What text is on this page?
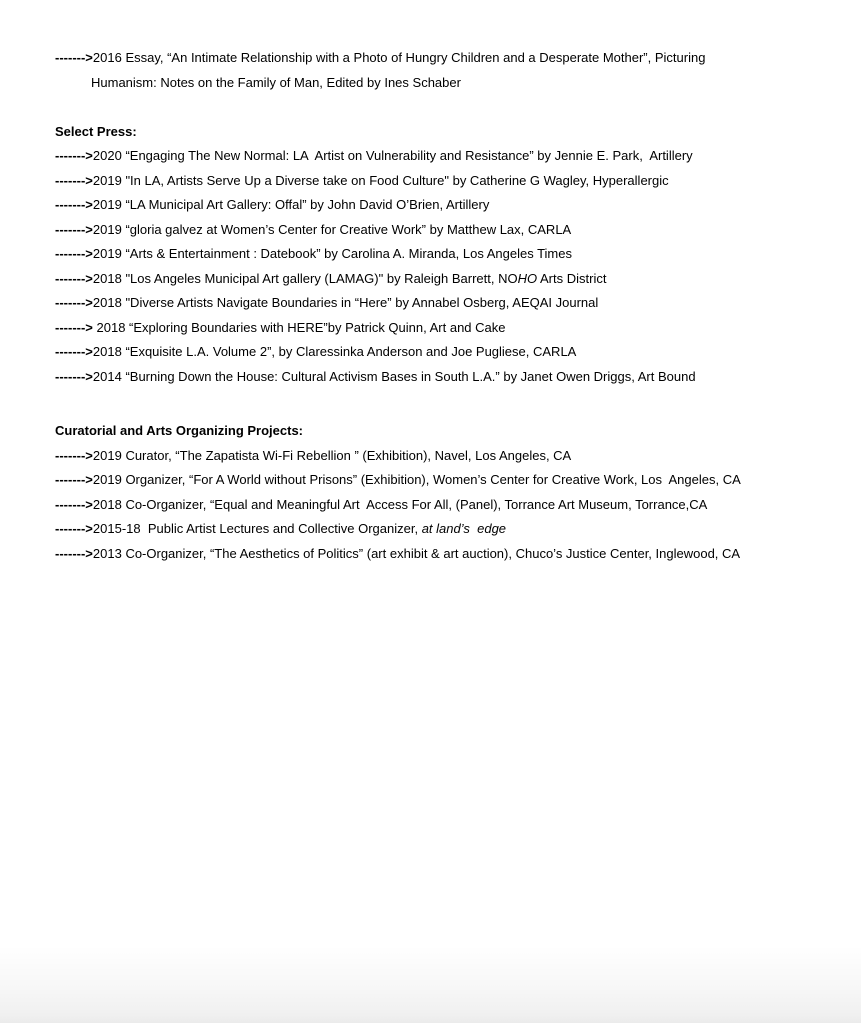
------->2016 Essay, “An Intimate Relationship with a Photo of Hungry Children and a Desperate Mother”, Picturing
Humanism: Notes on the Family of Man, Edited by Ines Schaber
Select Press:
------->2020 “Engaging The New Normal: LA  Artist on Vulnerability and Resistance” by Jennie E. Park,  Artillery
------->2019 "In LA, Artists Serve Up a Diverse take on Food Culture" by Catherine G Wagley, Hyperallergic
------->2019 “LA Municipal Art Gallery: Offal” by John David O’Brien, Artillery
------->2019 “gloria galvez at Women’s Center for Creative Work” by Matthew Lax, CARLA
------->2019 “Arts & Entertainment : Datebook” by Carolina A. Miranda, Los Angeles Times
------->2018 "Los Angeles Municipal Art gallery (LAMAG)" by Raleigh Barrett, NOHO Arts District
------->2018 "Diverse Artists Navigate Boundaries in “Here” by Annabel Osberg, AEQAI Journal
-------> 2018 “Exploring Boundaries with HERE”by Patrick Quinn, Art and Cake
------->2018 “Exquisite L.A. Volume 2”, by Claressinka Anderson and Joe Pugliese, CARLA
------->2014 “Burning Down the House: Cultural Activism Bases in South L.A.” by Janet Owen Driggs, Art Bound
Curatorial and Arts Organizing Projects:
------->2019 Curator, “The Zapatista Wi-Fi Rebellion ” (Exhibition), Navel, Los Angeles, CA
------->2019 Organizer, “For A World without Prisons” (Exhibition), Women’s Center for Creative Work, Los  Angeles, CA
------->2018 Co-Organizer, “Equal and Meaningful Art  Access For All, (Panel), Torrance Art Museum, Torrance,CA
------->2015-18  Public Artist Lectures and Collective Organizer, at land’s  edge
------->2013 Co-Organizer, “The Aesthetics of Politics” (art exhibit & art auction), Chuco’s Justice Center, Inglewood, CA
